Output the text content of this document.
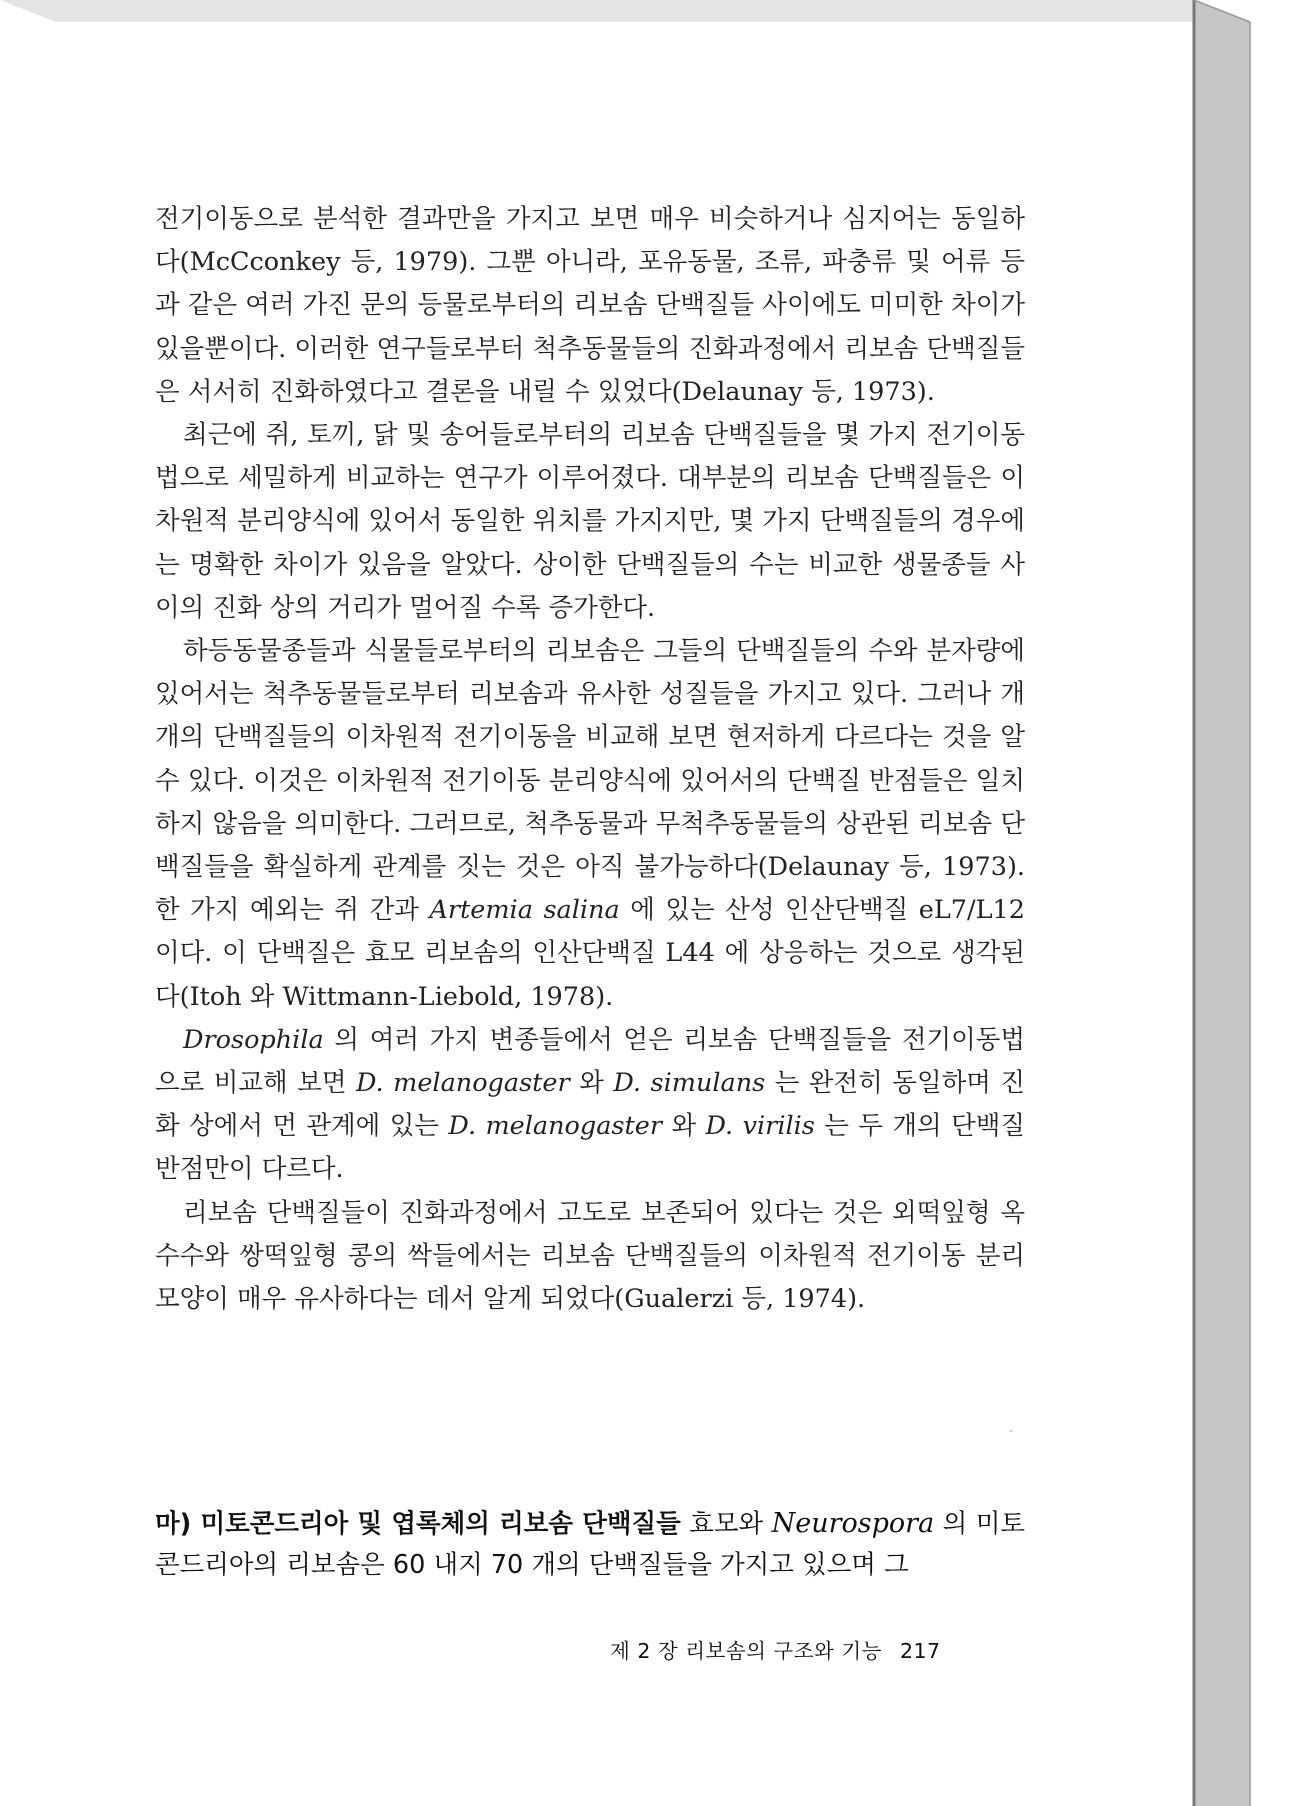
전기이동으로 분석한 결과만을 가지고 보면 매우 비슷하거나 심지어는 동일하다(McCconkey 등, 1979). 그뿐 아니라, 포유동물, 조류, 파충류 및 어류 등과 같은 여러 가진 문의 등물로부터의 리보솜 단백질들 사이에도 미미한 차이가 있을뿐이다. 이러한 연구들로부터 척추동물들의 진화과정에서 리보솜 단백질들은 서서히 진화하였다고 결론을 내릴 수 있었다(Delaunay 등, 1973).

최근에 쥐, 토끼, 닭 및 송어들로부터의 리보솜 단백질들을 몇 가지 전기이동법으로 세밀하게 비교하는 연구가 이루어졌다. 대부분의 리보솜 단백질들은 이차원적 분리양식에 있어서 동일한 위치를 가지지만, 몇 가지 단백질들의 경우에는 명확한 차이가 있음을 알았다. 상이한 단백질들의 수는 비교한 생물종들 사이의 진화 상의 거리가 멀어질 수록 증가한다.

하등동물종들과 식물들로부터의 리보솜은 그들의 단백질들의 수와 분자량에 있어서는 척추동물들로부터 리보솜과 유사한 성질들을 가지고 있다. 그러나 개개의 단백질들의 이차원적 전기이동을 비교해 보면 현저하게 다르다는 것을 알 수 있다. 이것은 이차원적 전기이동 분리양식에 있어서의 단백질 반점들은 일치하지 않음을 의미한다. 그러므로, 척추동물과 무척추동물들의 상관된 리보솜 단백질들을 확실하게 관계를 짓는 것은 아직 불가능하다(Delaunay 등, 1973). 한 가지 예외는 쥐 간과 Artemia salina 에 있는 산성 인산단백질 eL7/L12 이다. 이 단백질은 효모 리보솜의 인산단백질 L44 에 상응하는 것으로 생각된다(Itoh 와 Wittmann-Liebold, 1978).

Drosophila 의 여러 가지 변종들에서 얻은 리보솜 단백질들을 전기이동법으로 비교해 보면 D. melanogaster 와 D. simulans 는 완전히 동일하며 진화 상에서 먼 관계에 있는 D. melanogaster 와 D. virilis 는 두 개의 단백질 반점만이 다르다.

리보솜 단백질들이 진화과정에서 고도로 보존되어 있다는 것은 외떡잎형 옥수수와 쌍떡잎형 콩의 싹들에서는 리보솜 단백질들의 이차원적 전기이동 분리 모양이 매우 유사하다는 데서 알게 되었다(Gualerzi 등, 1974).

마) 미토콘드리아 및 엽록체의 리보솜 단백질들 효모와 Neurospora 의 미토콘드리아의 리보솜은 60 내지 70 개의 단백질들을 가지고 있으며 그

제 2 장 리보솜의 구조와 기능 217
